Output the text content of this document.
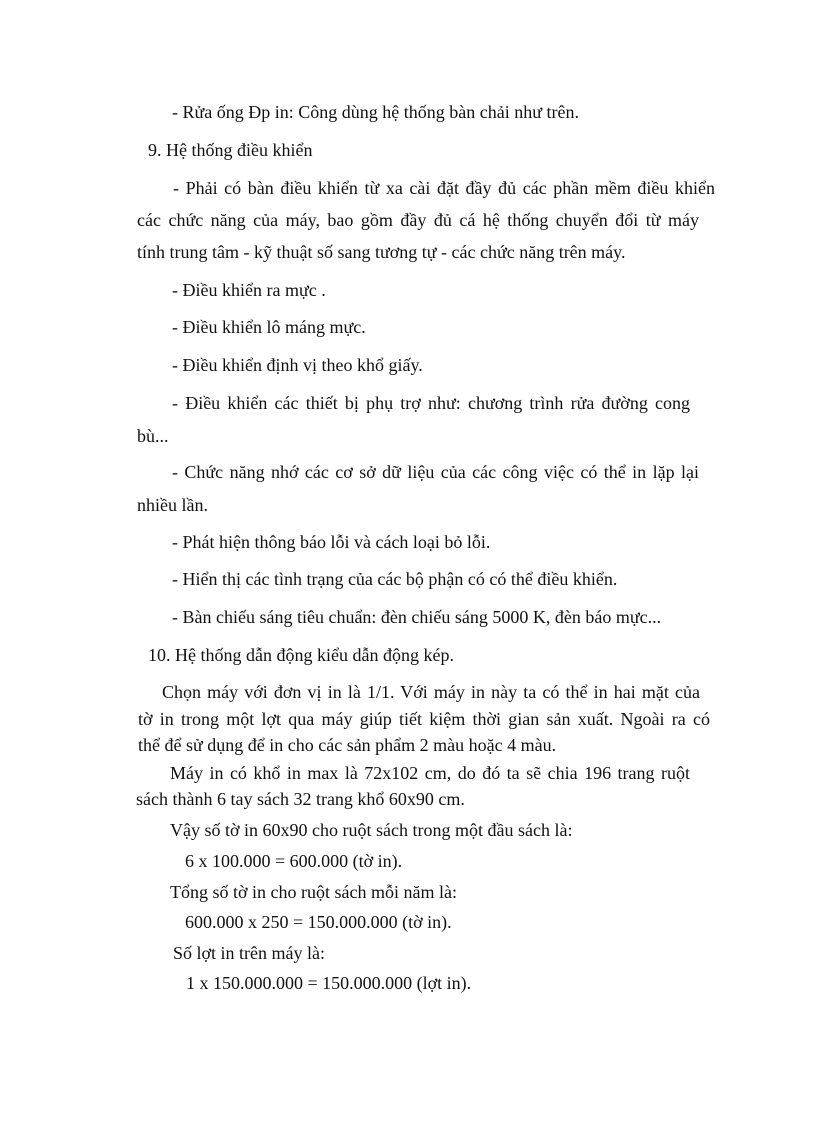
- Rửa ống Đp in: Công dùng hệ thống bàn chải như trên.
9. Hệ thống điều khiển
- Phải có bàn điều khiển từ xa cài đặt đầy đủ các phần mềm điều khiển
các chức năng của máy, bao gồm đầy đủ cá hệ thống chuyển đổi từ máy
tính trung tâm - kỹ thuật số sang tương tự - các chức năng trên máy.
- Điều khiển ra mực .
- Điều khiển lô máng mực.
- Điều khiển định vị theo khổ giấy.
- Điều khiển các thiết bị phụ trợ như: chương trình rửa đường cong
bù...
- Chức năng nhớ các cơ sở dữ liệu của các công việc có thể in lặp lại
nhiều lần.
- Phát hiện thông báo lỗi và cách loại bỏ lỗi.
- Hiển thị các tình trạng của các bộ phận có có thể điều khiển.
- Bàn chiếu sáng tiêu chuẩn: đèn chiếu sáng 5000 K, đèn báo mực...
10. Hệ thống dẫn động kiểu dẫn động kép.
Chọn máy với đơn vị in là 1/1. Với máy in này ta có thể in hai mặt của
tờ in trong một lợt qua máy giúp tiết kiệm thời gian sản xuất. Ngoài ra có
thể để sử dụng để in cho các sản phẩm 2 màu hoặc 4 màu.
Máy in có khổ in max là 72x102 cm, do đó ta sẽ chia 196 trang ruột
sách thành 6 tay sách 32 trang khổ 60x90 cm.
Vậy số tờ in 60x90 cho ruột sách trong một đầu sách là:
6 x 100.000 = 600.000 (tờ in).
Tổng số tờ in cho ruột sách mỗi năm là:
600.000 x 250 = 150.000.000 (tờ in).
Số lợt in trên máy là:
1 x 150.000.000 = 150.000.000 (lợt in).
